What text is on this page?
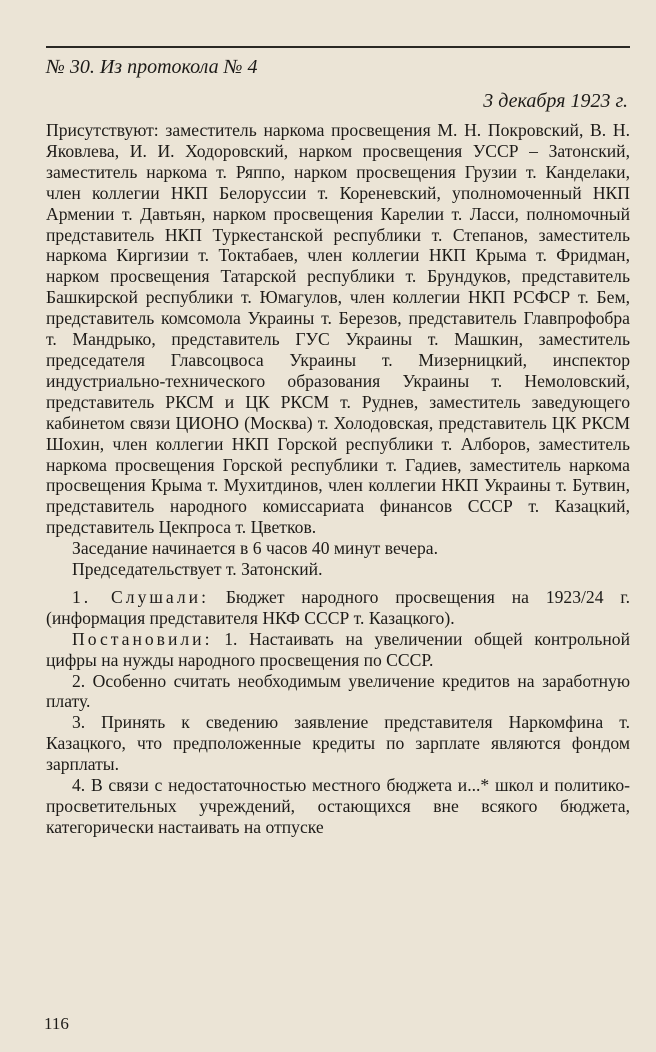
№ 30. Из протокола № 4
3 декабря 1923 г.

Присутствуют: заместитель наркома просвещения М. Н. Покровский, В. Н. Яковлева, И. И. Ходоровский, нарком просвещения УССР – Затонский, заместитель наркома т. Ряппо, нарком просвещения Грузии т. Канделаки, член коллегии НКП Белоруссии т. Кореневский, уполномоченный НКП Армении т. Давтьян, нарком просвещения Карелии т. Ласси, полномочный представитель НКП Туркестанской республики т. Степанов, заместитель наркома Киргизии т. Токтабаев, член коллегии НКП Крыма т. Фридман, нарком просвещения Татарской республики т. Брундуков, представитель Башкирской республики т. Юмагулов, член коллегии НКП РСФСР т. Бем, представитель комсомола Украины т. Березов, представитель Главпрофобра т. Мандрыко, представитель ГУС Украины т. Машкин, заместитель председателя Главсоцвоса Украины т. Мизерницкий, инспектор индустриально-технического образования Украины т. Немоловский, представитель РКСМ и ЦК РКСМ т. Руднев, заместитель заведующего кабинетом связи ЦИОНО (Москва) т. Холодовская, представитель ЦК РКСМ Шохин, член коллегии НКП Горской республики т. Алборов, заместитель наркома просвещения Горской республики т. Гадиев, заместитель наркома просвещения Крыма т. Мухитдинов, член коллегии НКП Украины т. Бутвин, представитель народного комиссариата финансов СССР т. Казацкий, представитель Цекпроса т. Цветков.

Заседание начинается в 6 часов 40 минут вечера.

Председательствует т. Затонский.

1. Слушали: Бюджет народного просвещения на 1923/24 г. (информация представителя НКФ СССР т. Казацкого).

Постановили: 1. Настаивать на увеличении общей контрольной цифры на нужды народного просвещения по СССР.

2. Особенно считать необходимым увеличение кредитов на заработную плату.

3. Принять к сведению заявление представителя Наркомфина т. Казацкого, что предположенные кредиты по зарплате являются фондом зарплаты.

4. В связи с недостаточностью местного бюджета и...* школ и политико-просветительных учреждений, остающихся вне всякого бюджета, категорически настаивать на отпуске

116
